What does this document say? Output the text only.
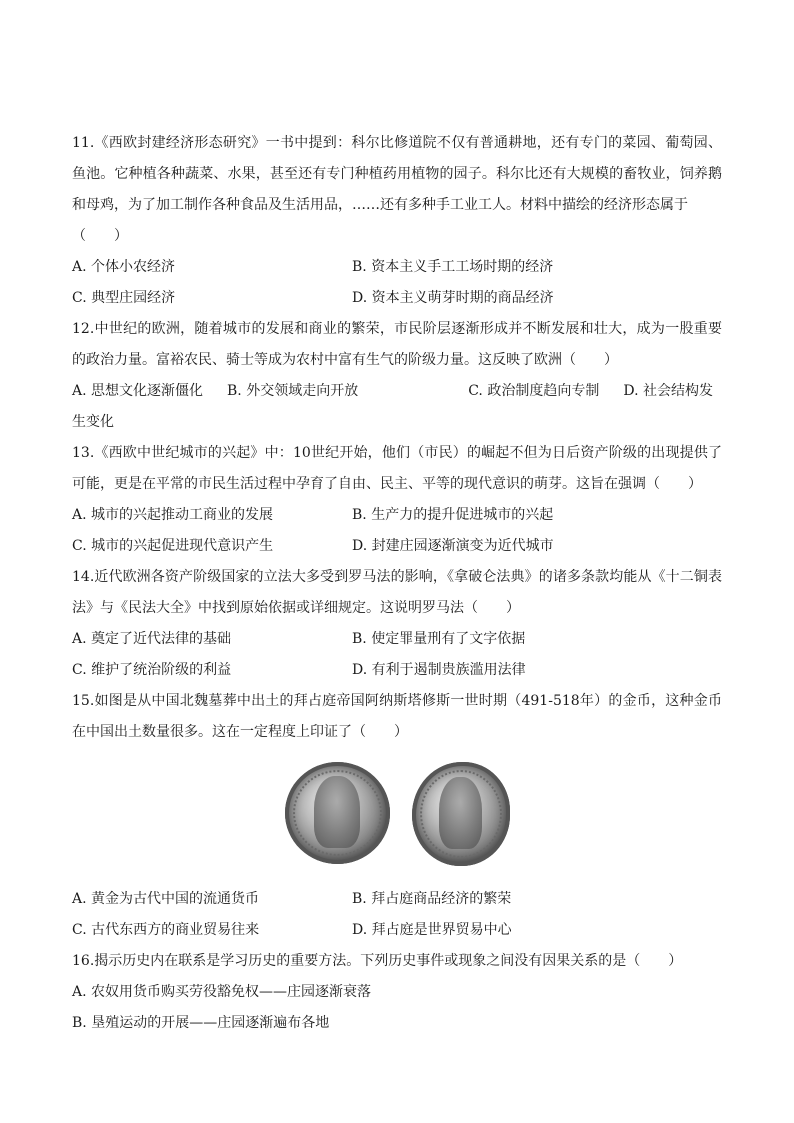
11.《西欧封建经济形态研究》一书中提到：科尔比修道院不仅有普通耕地，还有专门的菜园、葡萄园、鱼池。它种植各种蔬菜、水果，甚至还有专门种植药用植物的园子。科尔比还有大规模的畜牧业，饲养鹅和母鸡，为了加工制作各种食品及生活用品，……还有多种手工业工人。材料中描绘的经济形态属于
（　　）

A. 个体小农经济	B. 资本主义手工工场时期的经济
C. 典型庄园经济	D. 资本主义萌芽时期的商品经济

12.中世纪的欧洲，随着城市的发展和商业的繁荣，市民阶层逐渐形成并不断发展和壮大，成为一股重要的政治力量。富裕农民、骑士等成为农村中富有生气的阶级力量。这反映了欧洲（　　）

A. 思想文化逐渐僵化 B. 外交领域走向开放	C. 政治制度趋向专制 D. 社会结构发
生变化

13.《西欧中世纪城市的兴起》中：10世纪开始，他们（市民）的崛起不但为日后资产阶级的出现提供了可能，更是在平常的市民生活过程中孕育了自由、民主、平等的现代意识的萌芽。这旨在强调（　　）

A. 城市的兴起推动工商业的发展	B. 生产力的提升促进城市的兴起
C. 城市的兴起促进现代意识产生	D. 封建庄园逐渐演变为近代城市

14.近代欧洲各资产阶级国家的立法大多受到罗马法的影响，《拿破仑法典》的诸多条款均能从《十二铜表法》与《民法大全》中找到原始依据或详细规定。这说明罗马法（　　）

A. 奠定了近代法律的基础	B. 使定罪量刑有了文字依据
C. 维护了统治阶级的利益	D. 有利于遏制贵族滥用法律

15.如图是从中国北魏墓葬中出土的拜占庭帝国阿纳斯塔修斯一世时期（491-518年）的金币，这种金币在中国出土数量很多。这在一定程度上印证了（　　）

A. 黄金为古代中国的流通货币	B. 拜占庭商品经济的繁荣
C. 古代东西方的商业贸易往来	D. 拜占庭是世界贸易中心

16.揭示历史内在联系是学习历史的重要方法。下列历史事件或现象之间没有因果关系的是（　　）

A. 农奴用货币购买劳役豁免权——庄园逐渐衰落
B. 垦殖运动的开展——庄园逐渐遍布各地
